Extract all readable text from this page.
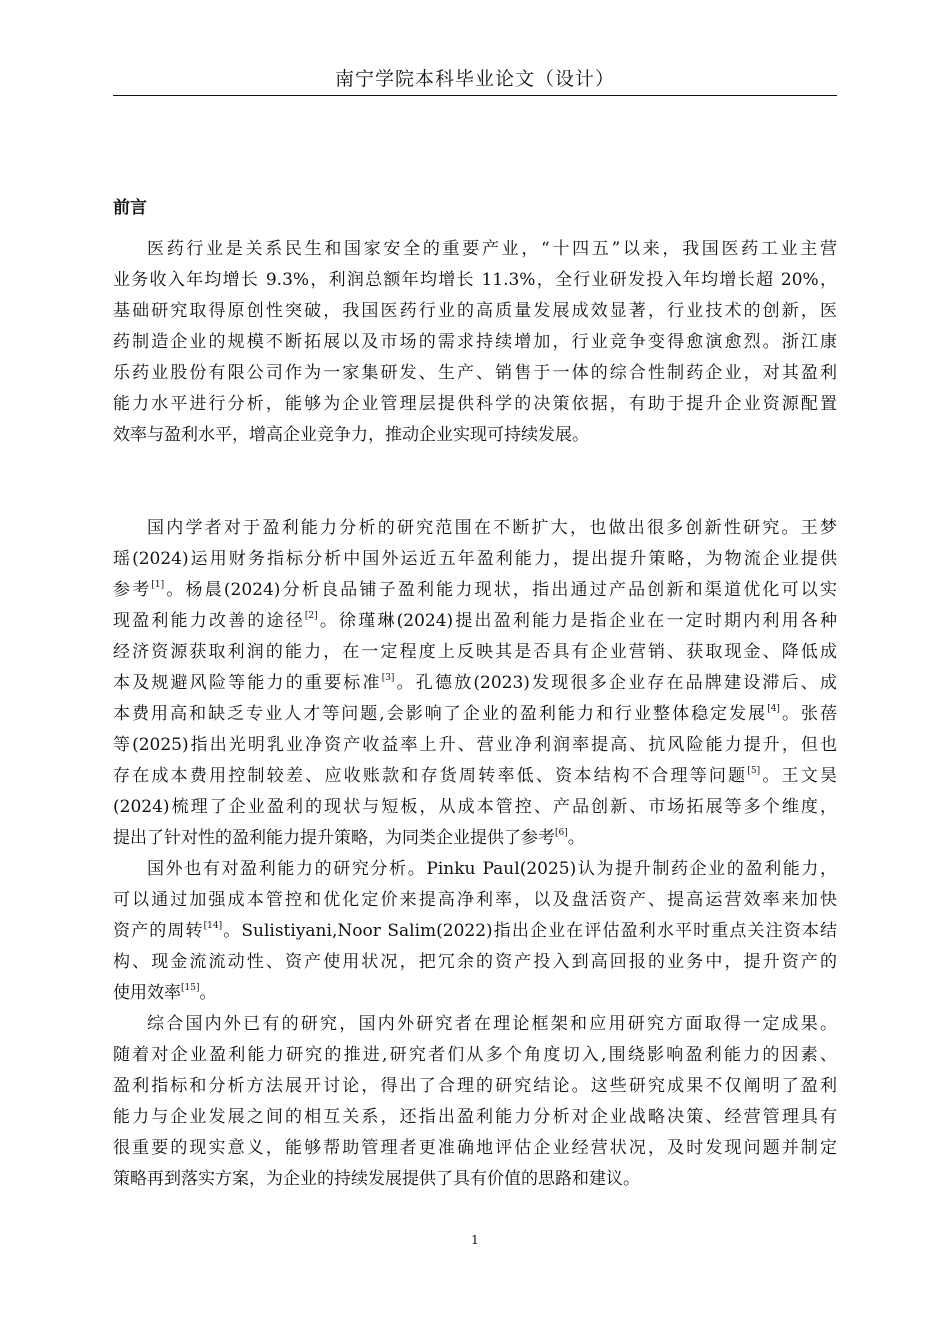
南宁学院本科毕业论文（设计）
前言
医药行业是关系民生和国家安全的重要产业，“十四五”以来，我国医药工业主营
业务收入年均增长 9.3%，利润总额年均增长 11.3%，全行业研发投入年均增长超 20%，
基础研究取得原创性突破，我国医药行业的高质量发展成效显著，行业技术的创新，医
药制造企业的规模不断拓展以及市场的需求持续增加，行业竞争变得愈演愈烈。浙江康
乐药业股份有限公司作为一家集研发、生产、销售于一体的综合性制药企业，对其盈利
能力水平进行分析，能够为企业管理层提供科学的决策依据，有助于提升企业资源配置
效率与盈利水平，增高企业竞争力，推动企业实现可持续发展。
国内学者对于盈利能力分析的研究范围在不断扩大，也做出很多创新性研究。王梦
瑶(2024)运用财务指标分析中国外运近五年盈利能力，提出提升策略，为物流企业提供
参考[1]。杨晨(2024)分析良品铺子盈利能力现状，指出通过产品创新和渠道优化可以实
现盈利能力改善的途径[2]。徐瑾琳(2024)提出盈利能力是指企业在一定时期内利用各种
经济资源获取利润的能力，在一定程度上反映其是否具有企业营销、获取现金、降低成
本及规避风险等能力的重要标准[3]。孔德放(2023)发现很多企业存在品牌建设滞后、成
本费用高和缺乏专业人才等问题,会影响了企业的盈利能力和行业整体稳定发展[4]。张蓓
等(2025)指出光明乳业净资产收益率上升、营业净利润率提高、抗风险能力提升，但也
存在成本费用控制较差、应收账款和存货周转率低、资本结构不合理等问题[5]。王文昊
(2024)梳理了企业盈利的现状与短板，从成本管控、产品创新、市场拓展等多个维度，
提出了针对性的盈利能力提升策略，为同类企业提供了参考[6]。
国外也有对盈利能力的研究分析。Pinku Paul(2025)认为提升制药企业的盈利能力，
可以通过加强成本管控和优化定价来提高净利率，以及盘活资产、提高运营效率来加快
资产的周转[14]。Sulistiyani,Noor Salim(2022)指出企业在评估盈利水平时重点关注资本结
构、现金流流动性、资产使用状况，把冗余的资产投入到高回报的业务中，提升资产的
使用效率[15]。
综合国内外已有的研究，国内外研究者在理论框架和应用研究方面取得一定成果。
随着对企业盈利能力研究的推进,研究者们从多个角度切入,围绕影响盈利能力的因素、
盈利指标和分析方法展开讨论，得出了合理的研究结论。这些研究成果不仅阐明了盈利
能力与企业发展之间的相互关系，还指出盈利能力分析对企业战略决策、经营管理具有
很重要的现实意义，能够帮助管理者更准确地评估企业经营状况，及时发现问题并制定
策略再到落实方案，为企业的持续发展提供了具有价值的思路和建议。
1
